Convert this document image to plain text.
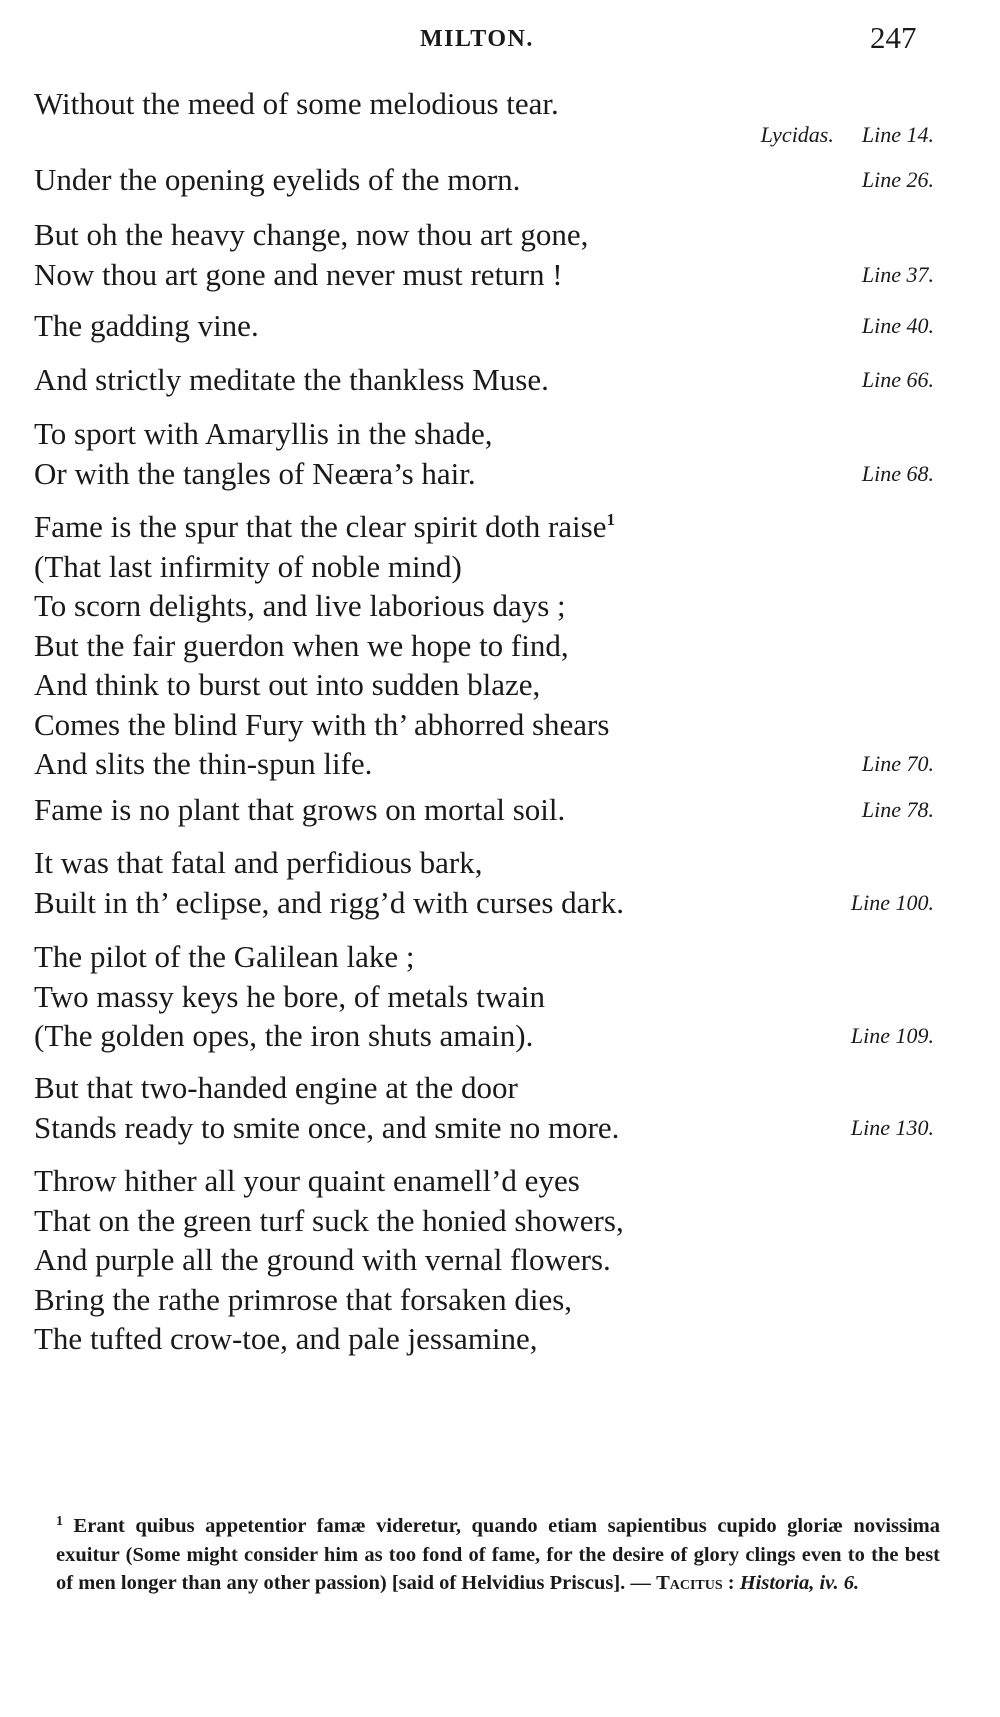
MILTON.	247
Without the meed of some melodious tear.
Lycidas. Line 14.
Under the opening eyelids of the morn.	Line 26.
But oh the heavy change, now thou art gone,
Now thou art gone and never must return !	Line 37.
The gadding vine.	Line 40.
And strictly meditate the thankless Muse.	Line 66.
To sport with Amaryllis in the shade,
Or with the tangles of Neæra’s hair.	Line 68.
Fame is the spur that the clear spirit doth raise$^1$
(That last infirmity of noble mind)
To scorn delights, and live laborious days ;
But the fair guerdon when we hope to find,
And think to burst out into sudden blaze,
Comes the blind Fury with th’ abhorred shears
And slits the thin-spun life.	Line 70.
Fame is no plant that grows on mortal soil.	Line 78.
It was that fatal and perfidious bark,
Built in th’ eclipse, and rigg’d with curses dark.	Line 100.
The pilot of the Galilean lake ;
Two massy keys he bore, of metals twain
(The golden opes, the iron shuts amain).	Line 109.
But that two-handed engine at the door
Stands ready to smite once, and smite no more.	Line 130.
Throw hither all your quaint enamell’d eyes
That on the green turf suck the honied showers,
And purple all the ground with vernal flowers.
Bring the rathe primrose that forsaken dies,
The tufted crow-toe, and pale jessamine,
$^1$ Erant quibus appetentior famæ videretur, quando etiam sapientibus cupido gloriæ novissima exuitur (Some might consider him as too fond of fame, for the desire of glory clings even to the best of men longer than any other passion) [said of Helvidius Priscus]. — Tacitus : Historia, iv. 6.
